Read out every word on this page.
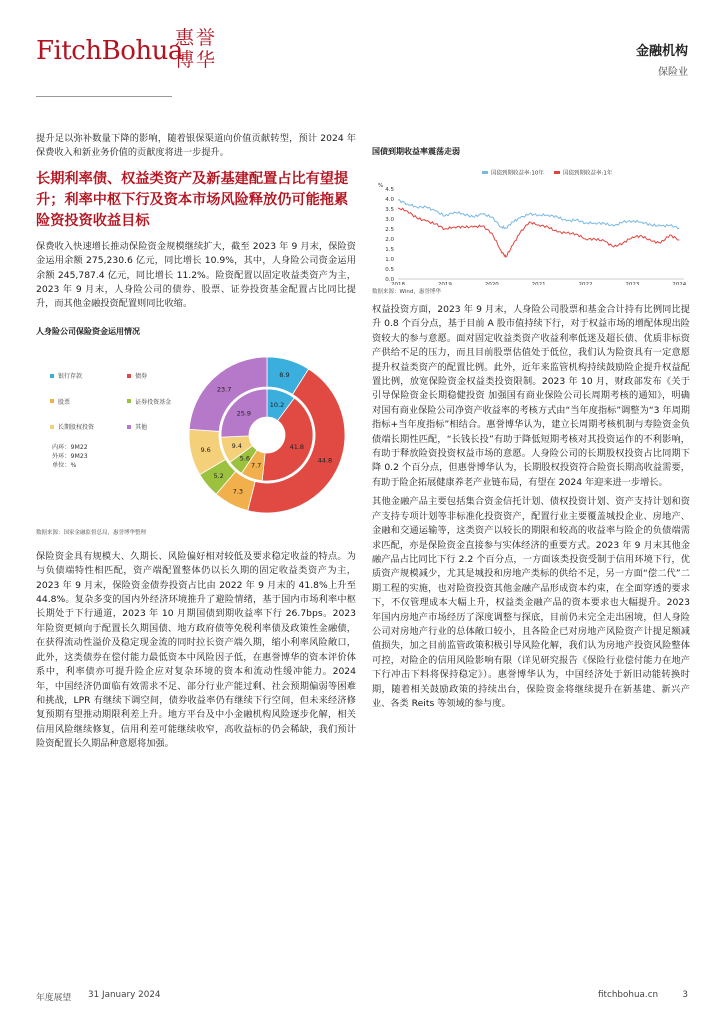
FitchBohua
惠誉博华	金融机构
保险业

提升足以弥补数量下降的影响，随着银保渠道向价值贡献转型，预计 2024 年保费收入和新业务价值的贡献度将进一步提升。

长期利率债、权益类资产及新基建配置占比有望提升；利率中枢下行及资本市场风险释放仍可能拖累险资投资收益目标

保费收入快速增长推动保险资金规模继续扩大，截至 2023 年 9 月末，保险资金运用余额 275,230.6 亿元，同比增长 10.9%，其中，人身险公司资金运用余额 245,787.4 亿元，同比增长 11.2%。险资配置以固定收益类资产为主，2023 年 9 月末，人身险公司的债券、股票、证券投资基金配置占比同比提升，而其他金融投资配置则同比收缩。

人身险公司保险资金运用情况
银行存款
	债券

股票
	证券投资基金

长期股权投资
	其他
内环：9M22
外环：9M23
单位：%
8.9
44.8
7.3
5.2
9.6
23.7
10.2
41.8
7.7
5.6
9.4
25.9
数据来源：国家金融监督总局，惠誉博华整理

保险资金具有规模大、久期长、风险偏好相对较低及要求稳定收益的特点。为与负债端特性相匹配，资产端配置整体仍以长久期的固定收益类资产为主，2023 年 9 月末，保险资金债券投资占比由 2022 年 9 月末的 41.8%上升至 44.8%。复杂多变的国内外经济环境推升了避险情绪，基于国内市场利率中枢长期处于下行通道，2023 年 10 月期国债到期收益率下行 26.7bps。2023 年险资更倾向于配置长久期国债、地方政府债等免税利率债及政策性金融债，在获得流动性溢价及稳定现金流的同时拉长资产端久期，缩小利率风险敞口，此外，这类债券在偿付能力最低资本中风险因子低，在惠誉博华的资本评价体系中，利率债亦可提升险企应对复杂环境的资本和流动性缓冲能力。2024 年，中国经济仍面临有效需求不足、部分行业产能过剩、社会预期偏弱等困难和挑战，LPR 有继续下调空间，债券收益率仍有继续下行空间，但未来经济修复预期有望推动期限利差上升。地方平台及中小金融机构风险逐步化解，相关信用风险继续修复，信用利差可能继续收窄，高收益标的仍会稀缺，我们预计险资配置长久期品种意愿将加强。

国债到期收益率震荡走弱
%
4.5
4.0
3.5
3.0
2.5
2.0
1.5
1.0
0.5
0.0
2018	2019	2020	2021	2022	2023	2024
国债到期收益率:10年	国债到期收益率:1年
数据来源：Wind，惠誉博华

权益投资方面，2023 年 9 月末，人身险公司股票和基金合计持有比例同比提升 0.8 个百分点，基于目前 A 股市值持续下行，对于权益市场的增配体现出险资较大的参与意愿。面对固定收益类资产收益利率低迷及超长债、优质非标资产供给不足的压力，而且目前股票估值处于低位，我们认为险资具有一定意愿提升权益类资产的配置比例。此外，近年来监管机构持续鼓励险企提升权益配置比例，放宽保险资金权益类投资限制。2023 年 10 月，财政部发布《关于引导保险资金长期稳健投资 加强国有商业保险公司长周期考核的通知》，明确对国有商业保险公司净资产收益率的考核方式由“当年度指标”调整为“3 年周期指标+当年度指标”相结合。惠誉博华认为，建立长周期考核机制与寿险资金负债端长期性匹配，“长钱长投”有助于降低短期考核对其投资运作的不利影响，有助于释放险资投资权益市场的意愿。人身险公司的长期股权投资占比同期下降 0.2 个百分点，但惠誉博华认为，长期股权投资符合险资长期高收益需要，有助于险企拓展健康养老产业链布局，有望在 2024 年迎来进一步增长。

其他金融产品主要包括集合资金信托计划、债权投资计划、资产支持计划和资产支持专项计划等非标准化投资资产，配置行业主要覆盖城投企业、房地产、金融和交通运输等，这类资产以较长的期限和较高的收益率与险企的负债端需求匹配，亦是保险资金直接参与实体经济的重要方式。2023 年 9 月末其他金融产品占比同比下行 2.2 个百分点，一方面该类投资受制于信用环境下行，优质资产规模减少，尤其是城投和房地产类标的供给不足，另一方面“偿二代”二期工程的实施，也对险资投资其他金融产品形成资本约束，在全面穿透的要求下，不仅管理成本大幅上升，权益类金融产品的资本要求也大幅提升。2023 年国内房地产市场经历了深度调整与探底，目前仍未完全走出困境，但人身险公司对房地产行业的总体敞口较小，且各险企已对房地产风险资产计提足额减值损失，加之目前监管政策积极引导风险化解，我们认为房地产投资风险整体可控，对险企的信用风险影响有限（详见研究报告《保险行业偿付能力在地产下行冲击下料将保持稳定》）。惠誉博华认为，中国经济处于新旧动能转换时期，随着相关鼓励政策的持续出台，保险资金将继续提升在新基建、新兴产业、各类 Reits 等领域的参与度。

年度展望 31 January 2024	fitchbohua.cn	3
